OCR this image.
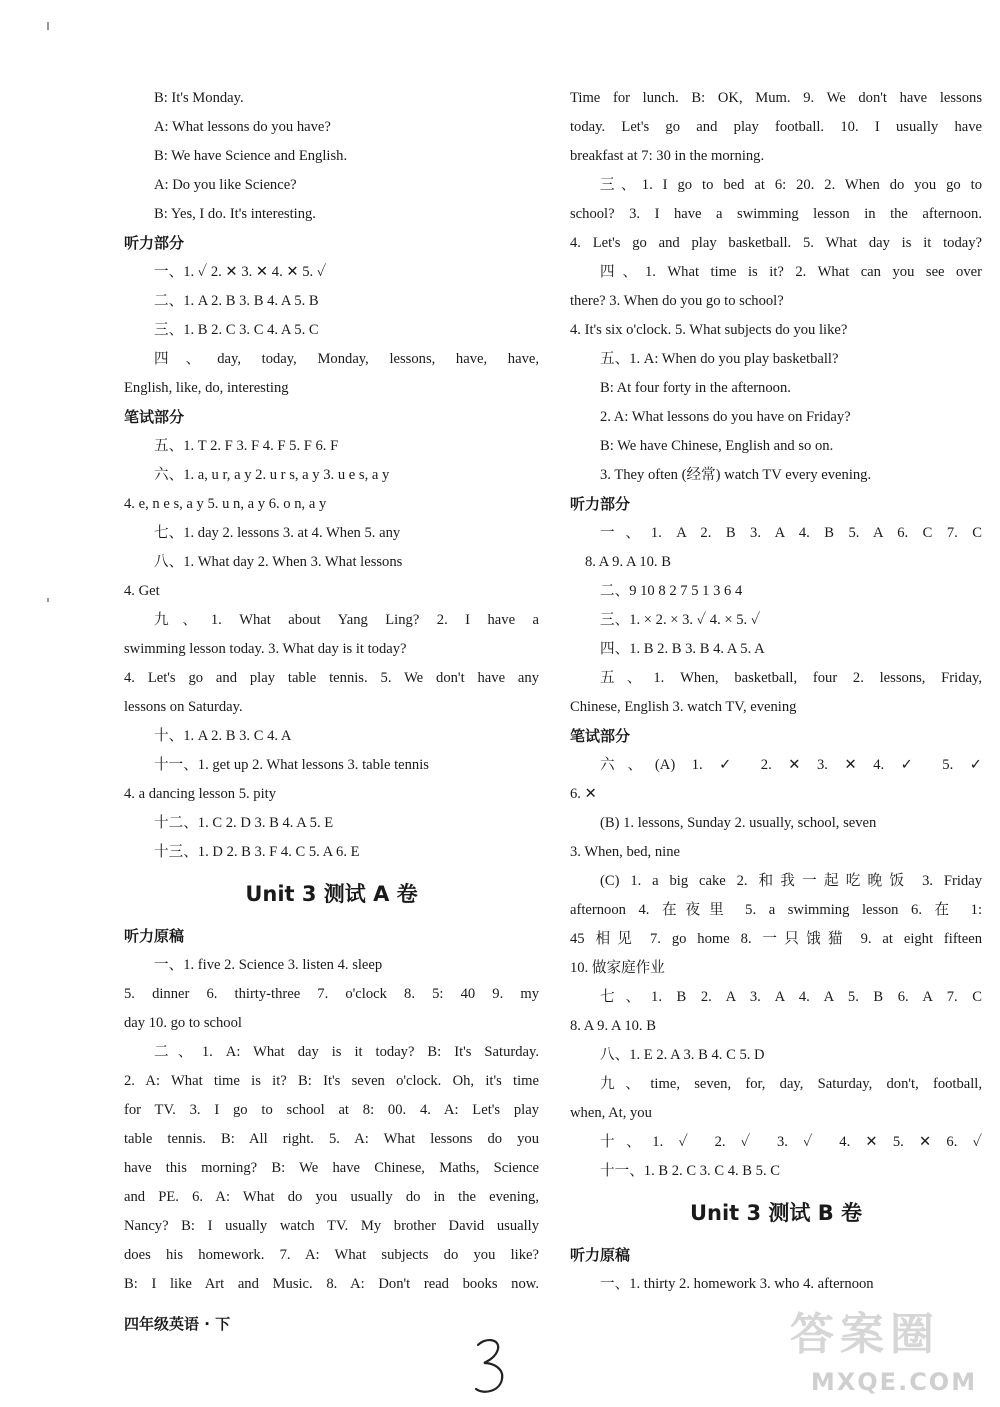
B: It's Monday.
A: What lessons do you have?
B: We have Science and English.
A: Do you like Science?
B: Yes, I do. It's interesting.
听力部分
一、1. ✓ 2. ✕ 3. ✕ 4. ✕ 5. ✓
二、1. A 2. B 3. B 4. A 5. B
三、1. B 2. C 3. C 4. A 5. C
四、day, today, Monday, lessons, have, have,
English, like, do, interesting
笔试部分
五、1. T 2. F 3. F 4. F 5. F 6. F
六、1. a, u r, a y 2. u r s, a y 3. u e s, a y
4. e, n e s, a y 5. u n, a y 6. o n, a y
七、1. day 2. lessons 3. at 4. When 5. any
八、1. What day 2. When 3. What lessons
4. Get
九、1. What about Yang Ling? 2. I have a
swimming lesson today. 3. What day is it today?
4. Let's go and play table tennis. 5. We don't have any
lessons on Saturday.
十、1. A 2. B 3. C 4. A
十一、1. get up 2. What lessons 3. table tennis
4. a dancing lesson 5. pity
十二、1. C 2. D 3. B 4. A 5. E
十三、1. D 2. B 3. F 4. C 5. A 6. E
Unit 3 测试 A 卷
听力原稿
一、1. five 2. Science 3. listen 4. sleep
5. dinner 6. thirty-three 7. o'clock 8. 5: 40 9. my
day 10. go to school
二、1. A: What day is it today? B: It's Saturday.
2. A: What time is it? B: It's seven o'clock. Oh, it's time
for TV. 3. I go to school at 8: 00. 4. A: Let's play
table tennis. B: All right. 5. A: What lessons do you
have this morning? B: We have Chinese, Maths, Science
and PE. 6. A: What do you usually do in the evening,
Nancy? B: I usually watch TV. My brother David usually
does his homework. 7. A: What subjects do you like?
B: I like Art and Music. 8. A: Don't read books now.
Time for lunch. B: OK, Mum. 9. We don't have lessons
today. Let's go and play football. 10. I usually have
breakfast at 7: 30 in the morning.
三、1. I go to bed at 6: 20. 2. When do you go to
school? 3. I have a swimming lesson in the afternoon.
4. Let's go and play basketball. 5. What day is it today?
四、1. What time is it? 2. What can you see over
there? 3. When do you go to school?
4. It's six o'clock. 5. What subjects do you like?
五、1. A: When do you play basketball?
B: At four forty in the afternoon.
2. A: What lessons do you have on Friday?
B: We have Chinese, English and so on.
3. They often (经常) watch TV every evening.
听力部分
一、1. A 2. B 3. A 4. B 5. A 6. C 7. C
8. A 9. A 10. B
二、9 10 8 2 7 5 1 3 6 4
三、1. × 2. × 3. ✓ 4. × 5. ✓
四、1. B 2. B 3. B 4. A 5. A
五、1. When, basketball, four 2. lessons, Friday,
Chinese, English 3. watch TV, evening
笔试部分
六、(A) 1. ✓ 2. ✕ 3. ✕ 4. ✓ 5. ✓
6. ✕
(B) 1. lessons, Sunday 2. usually, school, seven
3. When, bed, nine
(C) 1. a big cake 2. 和我一起吃晚饭 3. Friday
afternoon 4. 在夜里 5. a swimming lesson 6. 在 1:
45 相见 7. go home 8. 一只饿猫 9. at eight fifteen
10. 做家庭作业
七、1. B 2. A 3. A 4. A 5. B 6. A 7. C
8. A 9. A 10. B
八、1. E 2. A 3. B 4. C 5. D
九、time, seven, for, day, Saturday, don't, football,
when, At, you
十、1. ✓ 2. ✓ 3. ✓ 4. ✕ 5. ✕ 6. ✓
十一、1. B 2. C 3. C 4. B 5. C
Unit 3 测试 B 卷
听力原稿
一、1. thirty 2. homework 3. who 4. afternoon
四年级英语 · 下	答案圈
MXQE.COM
